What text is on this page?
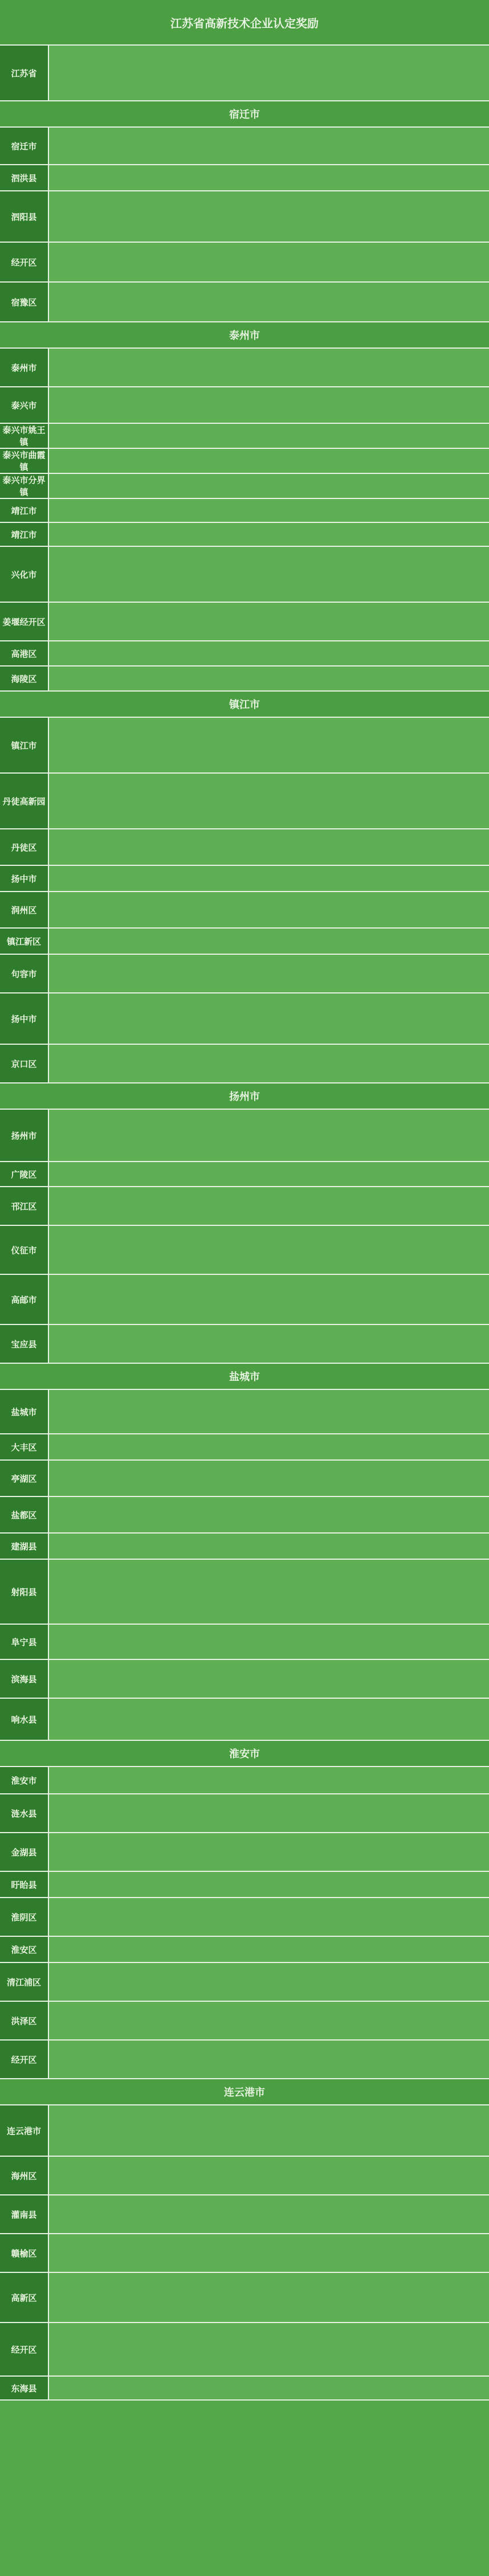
江苏省高新技术企业认定奖励
江苏省
宿迁市
宿迁市
泗洪县
泗阳县
经开区
宿豫区
泰州市
泰州市
泰兴市
泰兴市姚王镇
泰兴市曲霞镇
泰兴市分界镇
靖江市
靖江市
兴化市
姜堰经开区
高港区
海陵区
镇江市
镇江市
丹徒高新园
丹徒区
扬中市
润州区
镇江新区
句容市
扬中市
京口区
扬州市
扬州市
广陵区
邗江区
仪征市
高邮市
宝应县
盐城市
盐城市
大丰区
亭湖区
盐都区
建湖县
射阳县
阜宁县
滨海县
响水县
淮安市
淮安市
涟水县
金湖县
盱眙县
淮阴区
淮安区
清江浦区
洪泽区
经开区
连云港市
连云港市
海州区
灌南县
赣榆区
高新区
经开区
东海县
